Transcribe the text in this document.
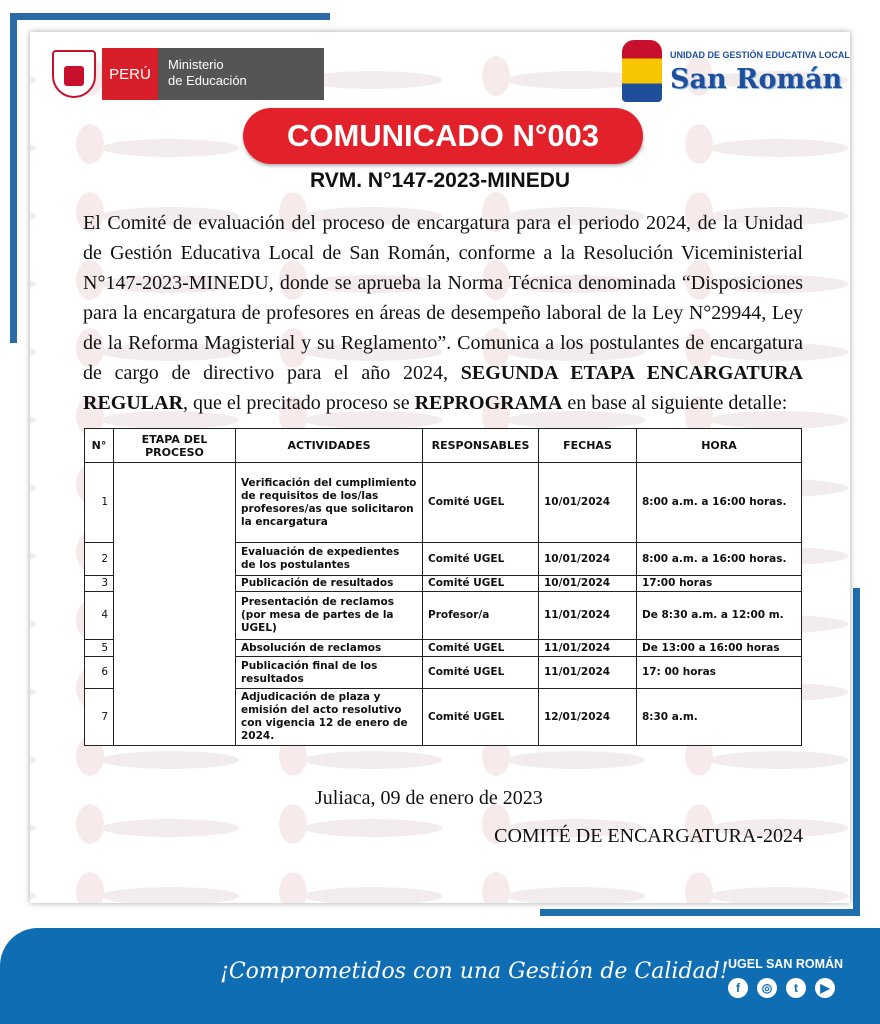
PERÚ
Ministerio
de Educación
UNIDAD DE GESTIÓN EDUCATIVA LOCAL
San Román
COMUNICADO N°003
RVM. N°147-2023-MINEDU
El Comité de evaluación del proceso de encargatura para el periodo 2024, de la Unidad de Gestión Educativa Local de San Román, conforme a la Resolución Viceministerial N°147-2023-MINEDU, donde se aprueba la Norma Técnica denominada “Disposiciones para la encargatura de profesores en áreas de desempeño laboral de la Ley N°29944, Ley de la Reforma Magisterial y su Reglamento”. Comunica a los postulantes de encargatura de cargo de directivo para el año 2024, SEGUNDA ETAPA ENCARGATURA REGULAR, que el precitado proceso se REPROGRAMA en base al siguiente detalle:
N°	ETAPA DEL PROCESO	ACTIVIDADES	RESPONSABLES	FECHAS	HORA
1		Verificación del cumplimiento de requisitos de los/las profesores/as que solicitaron la encargatura	Comité UGEL	10/01/2024	8:00 a.m. a 16:00 horas.
2		Evaluación de expedientes de los postulantes	Comité UGEL	10/01/2024	8:00 a.m. a 16:00 horas.
3		Publicación de resultados	Comité UGEL	10/01/2024	17:00 horas
4		Presentación de reclamos (por mesa de partes de la UGEL)	Profesor/a	11/01/2024	De 8:30 a.m. a 12:00 m.
5		Absolución de reclamos	Comité UGEL	11/01/2024	De 13:00 a 16:00 horas
6		Publicación final de los resultados	Comité UGEL	11/01/2024	17: 00 horas
7		Adjudicación de plaza y emisión del acto resolutivo con vigencia 12 de enero de 2024.	Comité UGEL	12/01/2024	8:30 a.m.
Juliaca, 09 de enero de 2023
COMITÉ DE ENCARGATURA-2024
¡Comprometidos con una Gestión de Calidad! UGEL SAN ROMÁN
f	◎	t	▶
